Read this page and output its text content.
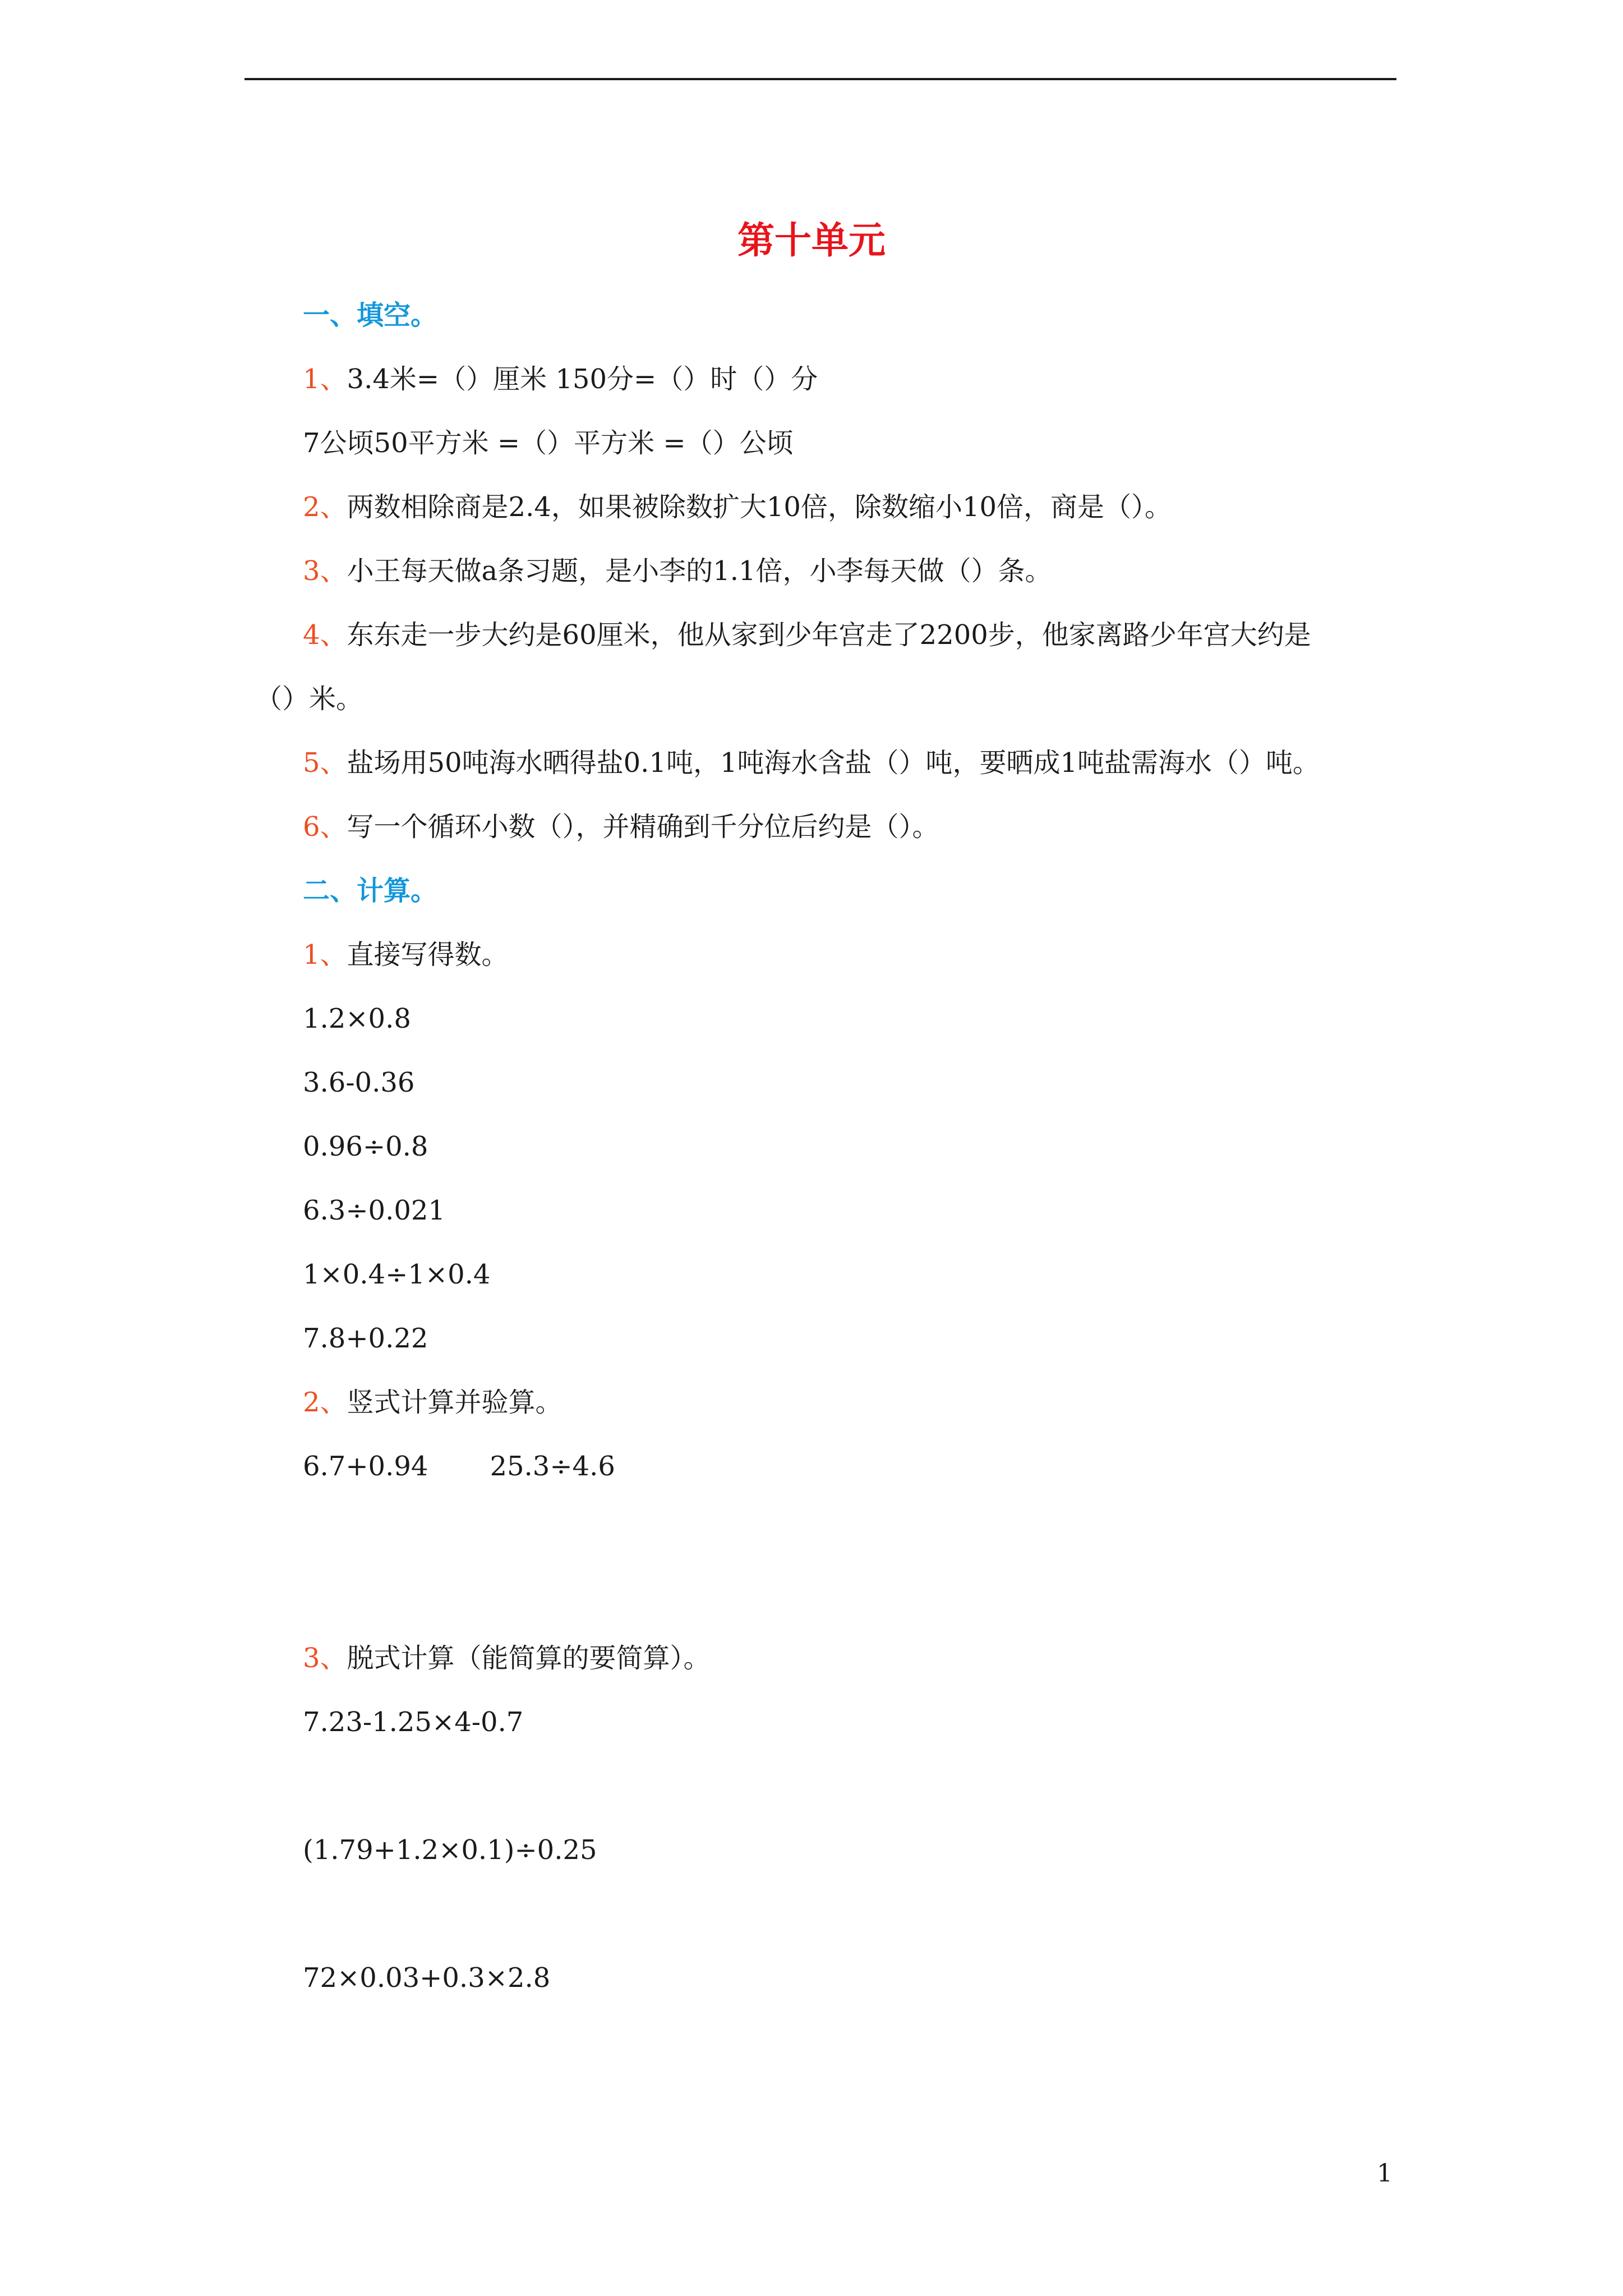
第十单元
一、填空。
1、3.4米=（）厘米 150分=（）时（）分
7公顷50平方米 =（）平方米 =（）公顷
2、两数相除商是2.4，如果被除数扩大10倍，除数缩小10倍，商是（）。
3、小王每天做a条习题，是小李的1.1倍，小李每天做（）条。
4、东东走一步大约是60厘米，他从家到少年宫走了2200步，他家离路少年宫大约是
（）米。
5、盐场用50吨海水晒得盐0.1吨，1吨海水含盐（）吨，要晒成1吨盐需海水（）吨。
6、写一个循环小数（），并精确到千分位后约是（）。
二、计算。
1、直接写得数。
1.2×0.8
3.6-0.36
0.96÷0.8
6.3÷0.021
1×0.4÷1×0.4
7.8+0.22
2、竖式计算并验算。
6.7+0.94 25.3÷4.6
3、脱式计算（能简算的要简算）。
7.23-1.25×4-0.7
(1.79+1.2×0.1)÷0.25
72×0.03+0.3×2.8
1
